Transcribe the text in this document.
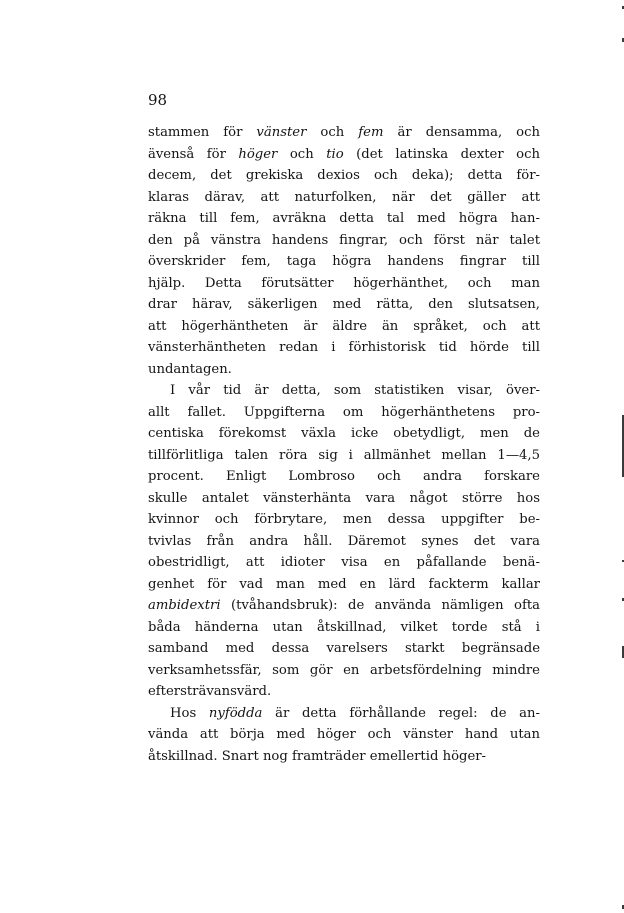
98
stammen för vänster och fem är densamma, och
ävenså för höger och tio (det latinska dexter och
decem, det grekiska dexios och deka); detta för-
klaras därav, att naturfolken, när det gäller att
räkna till fem, avräkna detta tal med högra han-
den på vänstra handens fingrar, och först när talet
överskrider fem, taga högra handens fingrar till
hjälp. Detta förutsätter högerhänthet, och man
drar härav, säkerligen med rätta, den slutsatsen,
att högerhäntheten är äldre än språket, och att
vänsterhäntheten redan i förhistorisk tid hörde till
undantagen.
I vår tid är detta, som statistiken visar, över-
allt fallet. Uppgifterna om högerhänthetens pro-
centiska förekomst växla icke obetydligt, men de
tillförlitliga talen röra sig i allmänhet mellan 1—4,5
procent. Enligt Lombroso och andra forskare
skulle antalet vänsterhänta vara något större hos
kvinnor och förbrytare, men dessa uppgifter be-
tvivlas från andra håll. Däremot synes det vara
obestridligt, att idioter visa en påfallande benä-
genhet för vad man med en lärd fackterm kallar
ambidextri (tvåhandsbruk): de använda nämligen ofta
båda händerna utan åtskillnad, vilket torde stå i
samband med dessa varelsers starkt begränsade
verksamhetssfär, som gör en arbetsfördelning mindre
eftersträvansvärd.
Hos nyfödda är detta förhållande regel: de an-
vända att börja med höger och vänster hand utan
åtskillnad. Snart nog framträder emellertid höger-
